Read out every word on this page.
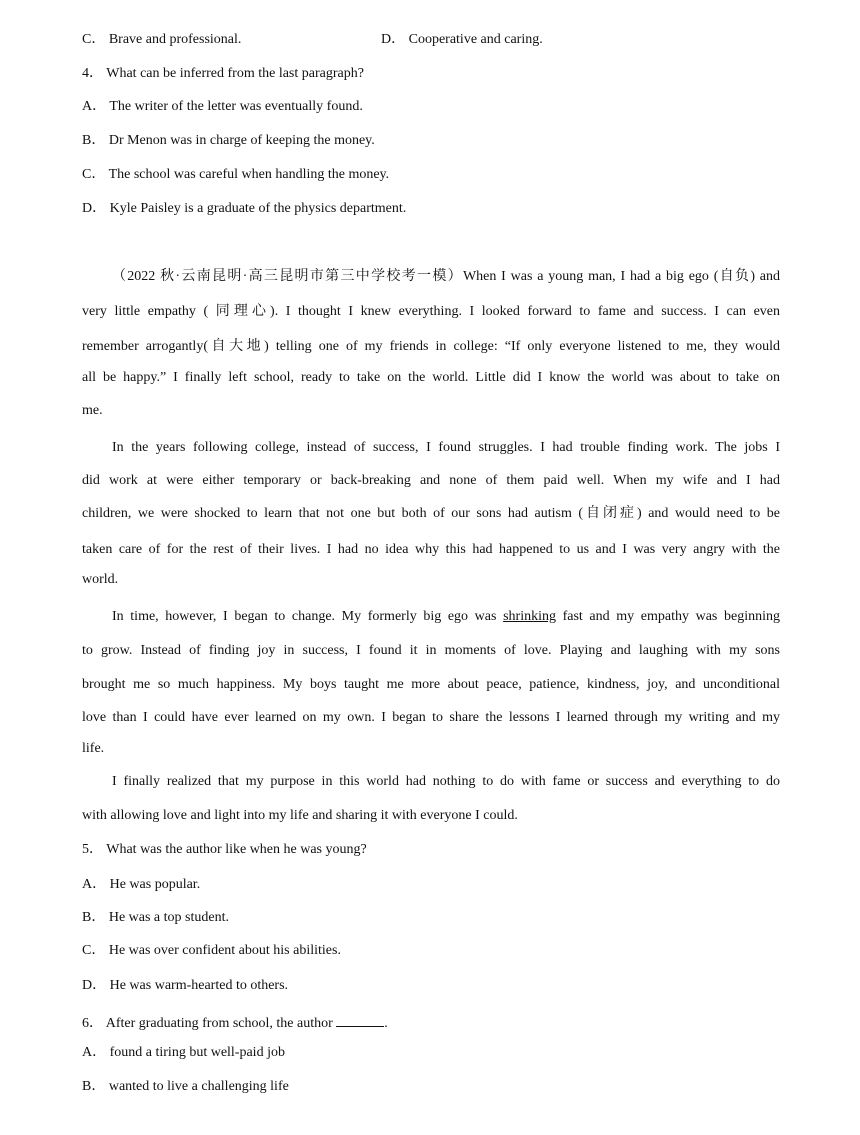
C． Brave and professional.	D． Cooperative and caring.
4． What can be inferred from the last paragraph?
A． The writer of the letter was eventually found.
B． Dr Menon was in charge of keeping the money.
C． The school was careful when handling the money.
D． Kyle Paisley is a graduate of the physics department.
（2022 秋·云南昆明·高三昆明市第三中学校考一模）When I was a young man, I had a big ego (自负) and
very little empathy ( 同理心). I thought I knew everything. I looked forward to fame and success. I can even
remember arrogantly(自大地) telling one of my friends in college: “If only everyone listened to me, they would
all be happy.” I finally left school, ready to take on the world. Little did I know the world was about to take on
me.
In the years following college, instead of success, I found struggles. I had trouble finding work. The jobs I
did work at were either temporary or back-breaking and none of them paid well. When my wife and I had
children, we were shocked to learn that not one but both of our sons had autism (自闭症) and would need to be
taken care of for the rest of their lives. I had no idea why this had happened to us and I was very angry with the
world.
In time, however, I began to change. My formerly big ego was shrinking fast and my empathy was beginning
to grow. Instead of finding joy in success, I found it in moments of love. Playing and laughing with my sons
brought me so much happiness. My boys taught me more about peace, patience, kindness, joy, and unconditional
love than I could have ever learned on my own. I began to share the lessons I learned through my writing and my
life.
I finally realized that my purpose in this world had nothing to do with fame or success and everything to do
with allowing love and light into my life and sharing it with everyone I could.
5． What was the author like when he was young?
A． He was popular.
B． He was a top student.
C． He was over confident about his abilities.
D． He was warm-hearted to others.
6． After graduating from school, the author	.
A． found a tiring but well-paid job
B． wanted to live a challenging life
